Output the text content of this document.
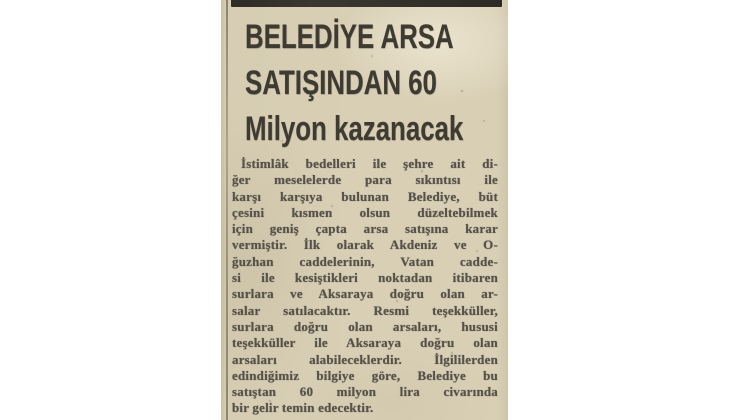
BELEDİYE ARSA
SATIŞINDAN 60
Milyon kazanacak
İstimlâk bedelleri ile şehre ait di-
ğer meselelerde para sıkıntısı ile
karşı karşıya bulunan Belediye, büt
çesini kısmen olsun düzeltebilmek
için geniş çapta arsa satışına karar
vermiştir. İlk olarak Akdeniz ve O-
ğuzhan caddelerinin, Vatan cadde-
si ile kesiştikleri noktadan itibaren
surlara ve Aksaraya doğru olan ar-
salar satılacaktır. Resmi teşekküller,
surlara doğru olan arsaları, hususi
teşekküller ile Aksaraya doğru olan
arsaları alabileceklerdir. İlgililerden
edindiğimiz bilgiye göre, Belediye bu
satıştan 60 milyon lira civarında
bir gelir temin edecektir.
